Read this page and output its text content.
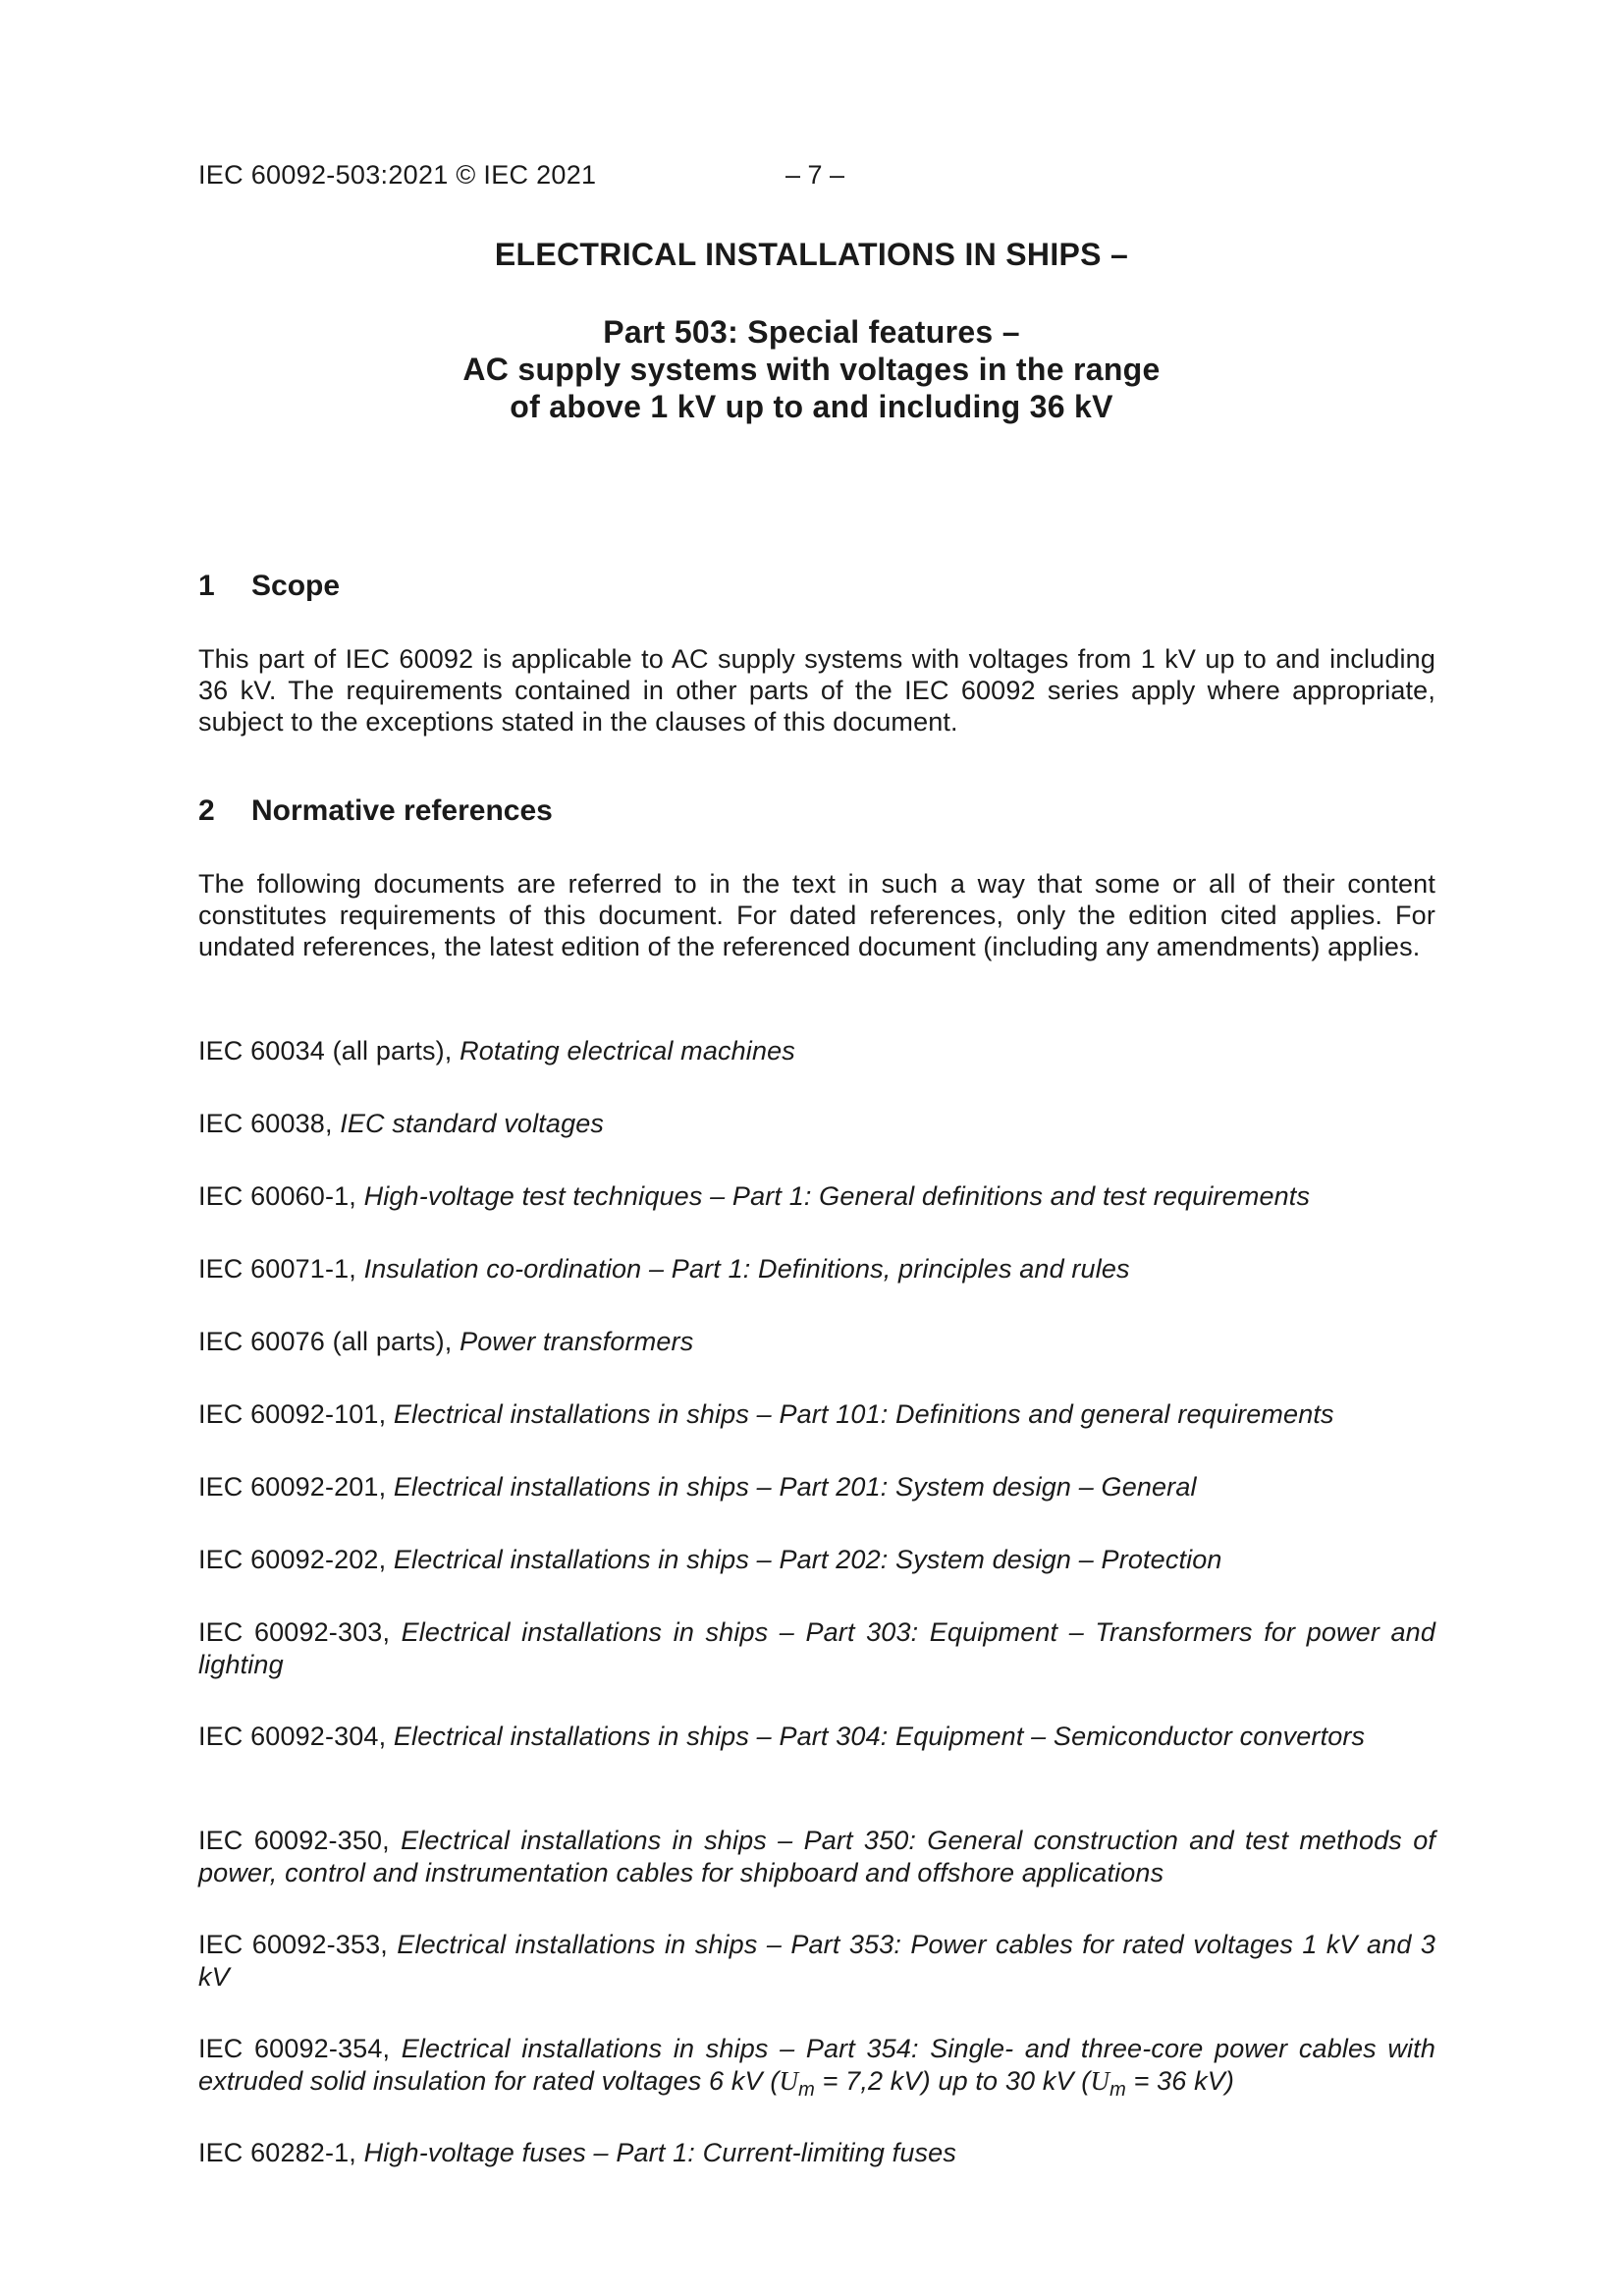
IEC 60092-503:2021 © IEC 2021	– 7 –
ELECTRICAL INSTALLATIONS IN SHIPS –
Part 503: Special features –
AC supply systems with voltages in the range
of above 1 kV up to and including 36 kV
1 Scope
This part of IEC 60092 is applicable to AC supply systems with voltages from 1 kV up to and including 36 kV. The requirements contained in other parts of the IEC 60092 series apply where appropriate, subject to the exceptions stated in the clauses of this document.
2 Normative references
The following documents are referred to in the text in such a way that some or all of their content constitutes requirements of this document. For dated references, only the edition cited applies. For undated references, the latest edition of the referenced document (including any amendments) applies.
IEC 60034 (all parts), Rotating electrical machines
IEC 60038, IEC standard voltages
IEC 60060-1, High-voltage test techniques – Part 1: General definitions and test requirements
IEC 60071-1, Insulation co-ordination – Part 1: Definitions, principles and rules
IEC 60076 (all parts), Power transformers
IEC 60092-101, Electrical installations in ships – Part 101: Definitions and general requirements
IEC 60092-201, Electrical installations in ships – Part 201: System design – General
IEC 60092-202, Electrical installations in ships – Part 202: System design – Protection
IEC 60092-303, Electrical installations in ships – Part 303: Equipment – Transformers for power and lighting
IEC 60092-304, Electrical installations in ships – Part 304: Equipment – Semiconductor convertors
IEC 60092-350, Electrical installations in ships – Part 350: General construction and test methods of power, control and instrumentation cables for shipboard and offshore applications
IEC 60092-353, Electrical installations in ships – Part 353: Power cables for rated voltages 1 kV and 3 kV
IEC 60092-354, Electrical installations in ships – Part 354: Single- and three-core power cables with extruded solid insulation for rated voltages 6 kV ($U_m = 7,2$ kV) up to 30 kV ($U_m = 36$ kV)
IEC 60282-1, High-voltage fuses – Part 1: Current-limiting fuses
